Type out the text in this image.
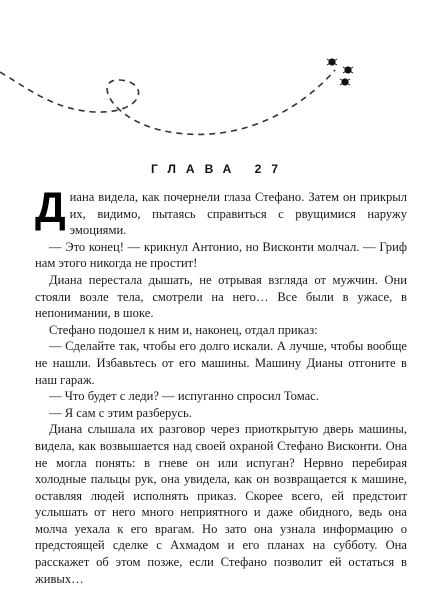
ГЛАВА 27

Диана видела, как почернели глаза Стефано. Затем он прикрыл их, видимо, пытаясь справиться с рвущимися наружу эмоциями.

— Это конец! — крикнул Антонио, но Висконти молчал. — Гриф нам этого никогда не простит!

Диана перестала дышать, не отрывая взгляда от мужчин. Они стояли возле тела, смотрели на него… Все были в ужасе, в непонимании, в шоке.

Стефано подошел к ним и, наконец, отдал приказ:

— Сделайте так, чтобы его долго искали. А лучше, чтобы вообще не нашли. Избавьтесь от его машины. Машину Дианы отгоните в наш гараж.

— Что будет с леди? — испуганно спросил Томас.

— Я сам с этим разберусь.

Диана слышала их разговор через приоткрытую дверь машины, видела, как возвышается над своей охраной Стефано Висконти. Она не могла понять: в гневе он или испуган? Нервно перебирая холодные пальцы рук, она увидела, как он возвращается к машине, оставляя людей исполнять приказ. Скорее всего, ей предстоит услышать от него много неприятного и даже обидного, ведь она молча уехала к его врагам. Но зато она узнала информацию о предстоящей сделке с Ахмадом и его планах на субботу. Она расскажет об этом позже, если Стефано позволит ей остаться в живых…
